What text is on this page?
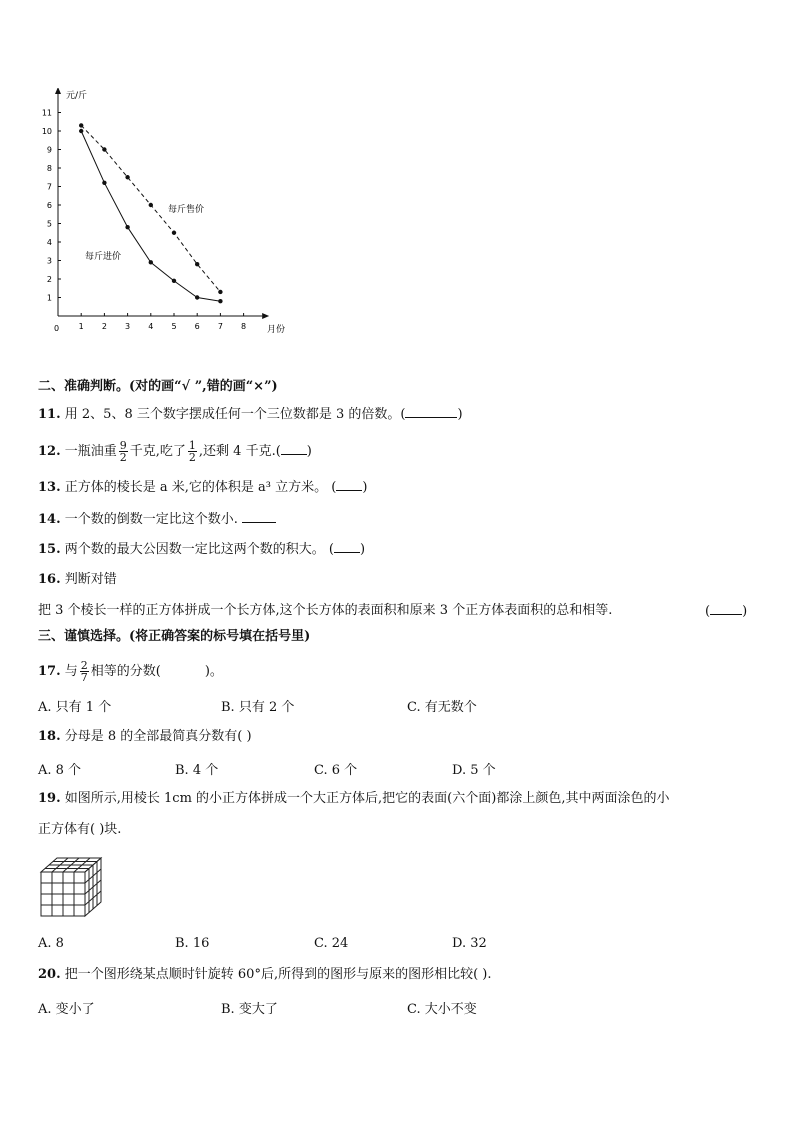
1
2
3
4
5
6
7
8
9
10
11
1 2 3 4 5 6 7 8
元/斤
月份
0
每斤售价
每斤进价
二、准确判断。(对的画“√ ”,错的画“×”)
11. 用 2、5、8 三个数字摆成任何一个三位数都是 3 的倍数。(	)
12. 一瓶油重 $\frac{9}{2}$ 千克,吃了 $\frac{1}{2}$ ,还剩 4 千克.( )
13. 正方体的棱长是 a 米,它的体积是 a³ 立方米。 ( )
14. 一个数的倒数一定比这个数小.
15. 两个数的最大公因数一定比这两个数的积大。 ( )
16. 判断对错
把 3 个棱长一样的正方体拼成一个长方体,这个长方体的表面积和原来 3 个正方体表面积的总和相等.	( )
三、谨慎选择。(将正确答案的标号填在括号里)
17. 与 $\frac{2}{7}$ 相等的分数(	)。
A. 只有 1 个	B. 只有 2 个	C. 有无数个
18. 分母是 8 的全部最简真分数有( )
A. 8 个	B. 4 个	C. 6 个	D. 5 个
19. 如图所示,用棱长 1cm 的小正方体拼成一个大正方体后,把它的表面(六个面)都涂上颜色,其中两面涂色的小
正方体有( )块.
A. 8	B. 16	C. 24	D. 32
20. 把一个图形绕某点顺时针旋转 60°后,所得到的图形与原来的图形相比较( ).
A. 变小了	B. 变大了	C. 大小不变
